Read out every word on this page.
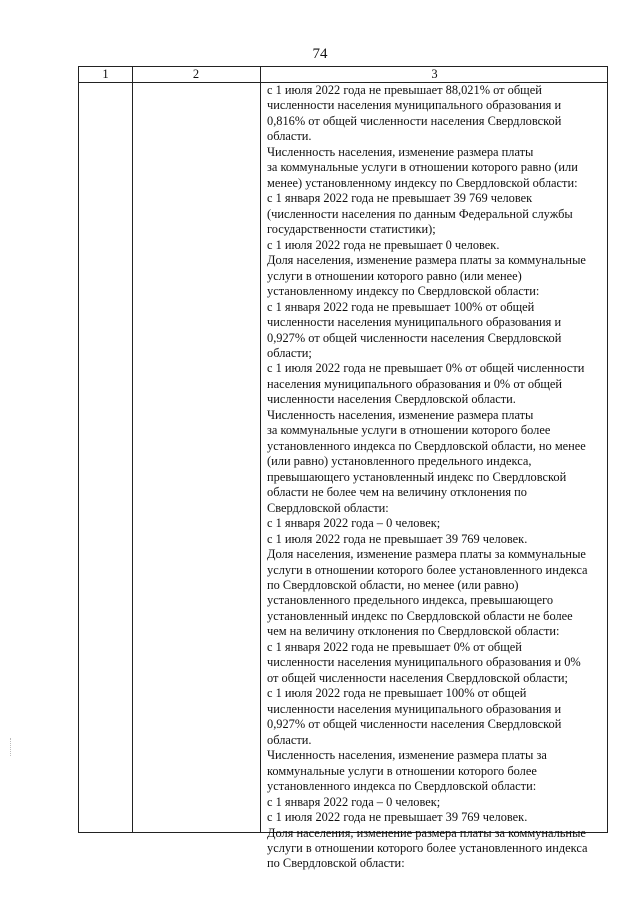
74
1	2	3
с 1 июля 2022 года не превышает 88,021% от общей
численности населения муниципального образования и
0,816% от общей численности населения Свердловской
области.
Численность населения, изменение размера платы
за коммунальные услуги в отношении которого равно (или
менее) установленному индексу по Свердловской области:
с 1 января 2022 года не превышает 39 769 человек
(численности населения по данным Федеральной службы
государственности статистики);
с 1 июля 2022 года не превышает 0 человек.
Доля населения, изменение размера платы за коммунальные
услуги в отношении которого равно (или менее)
установленному индексу по Свердловской области:
с 1 января 2022 года не превышает 100% от общей
численности населения муниципального образования и
0,927% от общей численности населения Свердловской
области;
с 1 июля 2022 года не превышает 0% от общей численности
населения муниципального образования и 0% от общей
численности населения Свердловской области.
Численность населения, изменение размера платы
за коммунальные услуги в отношении которого более
установленного индекса по Свердловской области, но менее
(или равно) установленного предельного индекса,
превышающего установленный индекс по Свердловской
области не более чем на величину отклонения по
Свердловской области:
с 1 января 2022 года – 0 человек;
с 1 июля 2022 года не превышает 39 769 человек.
Доля населения, изменение размера платы за коммунальные
услуги в отношении которого более установленного индекса
по Свердловской области, но менее (или равно)
установленного предельного индекса, превышающего
установленный индекс по Свердловской области не более
чем на величину отклонения по Свердловской области:
с 1 января 2022 года не превышает 0% от общей
численности населения муниципального образования и 0%
от общей численности населения Свердловской области;
с 1 июля 2022 года не превышает 100% от общей
численности населения муниципального образования и
0,927% от общей численности населения Свердловской
области.
Численность населения, изменение размера платы за
коммунальные услуги в отношении которого более
установленного индекса по Свердловской области:
с 1 января 2022 года – 0 человек;
с 1 июля 2022 года не превышает 39 769 человек.
Доля населения, изменение размера платы за коммунальные
услуги в отношении которого более установленного индекса
по Свердловской области:
